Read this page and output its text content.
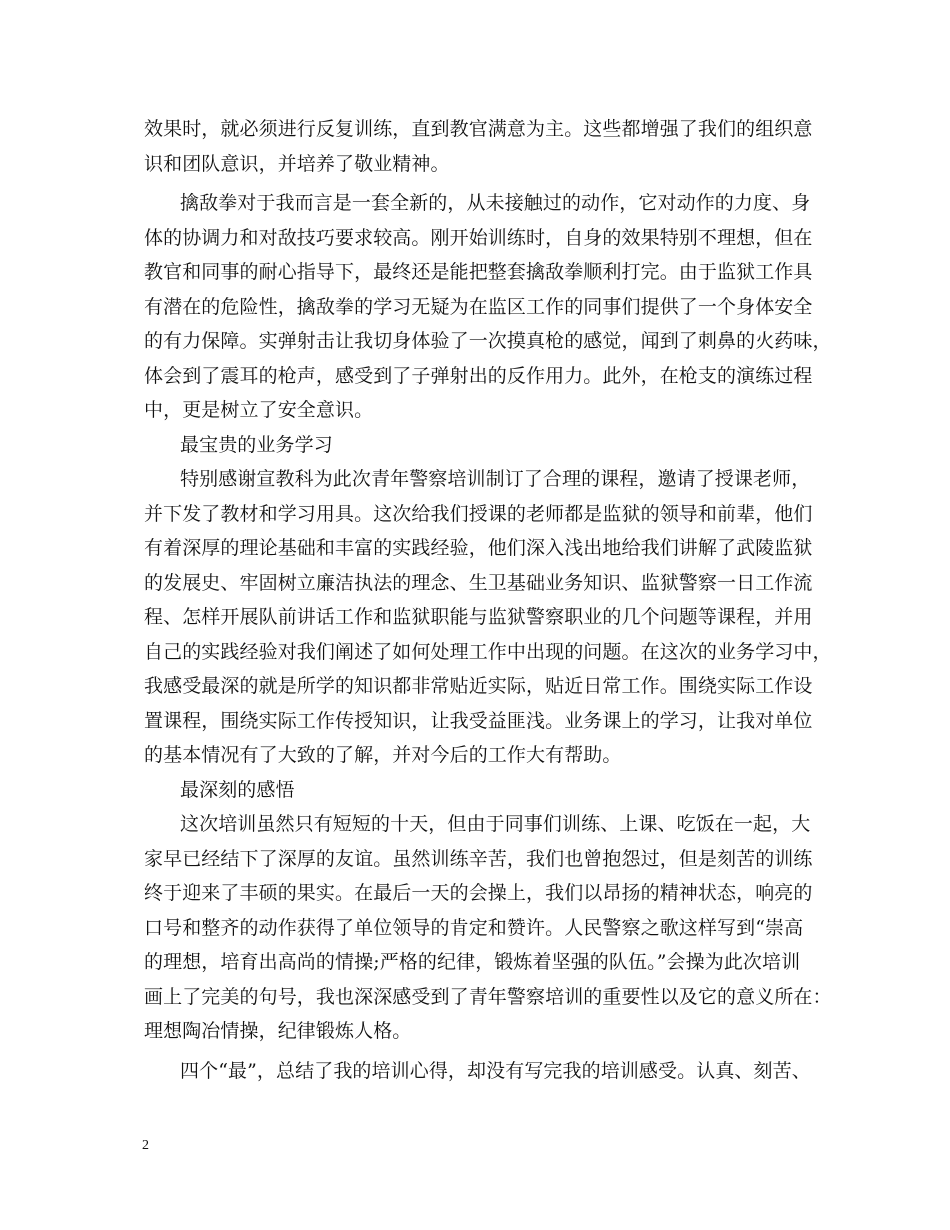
效果时，就必须进行反复训练，直到教官满意为主。这些都增强了我们的组织意
识和团队意识，并培养了敬业精神。
擒敌拳对于我而言是一套全新的，从未接触过的动作，它对动作的力度、身
体的协调力和对敌技巧要求较高。刚开始训练时，自身的效果特别不理想，但在
教官和同事的耐心指导下，最终还是能把整套擒敌拳顺利打完。由于监狱工作具
有潜在的危险性，擒敌拳的学习无疑为在监区工作的同事们提供了一个身体安全
的有力保障。实弹射击让我切身体验了一次摸真枪的感觉，闻到了刺鼻的火药味，
体会到了震耳的枪声，感受到了子弹射出的反作用力。此外，在枪支的演练过程
中，更是树立了安全意识。
最宝贵的业务学习
特别感谢宣教科为此次青年警察培训制订了合理的课程，邀请了授课老师，
并下发了教材和学习用具。这次给我们授课的老师都是监狱的领导和前辈，他们
有着深厚的理论基础和丰富的实践经验，他们深入浅出地给我们讲解了武陵监狱
的发展史、牢固树立廉洁执法的理念、生卫基础业务知识、监狱警察一日工作流
程、怎样开展队前讲话工作和监狱职能与监狱警察职业的几个问题等课程，并用
自己的实践经验对我们阐述了如何处理工作中出现的问题。在这次的业务学习中，
我感受最深的就是所学的知识都非常贴近实际，贴近日常工作。围绕实际工作设
置课程，围绕实际工作传授知识，让我受益匪浅。业务课上的学习，让我对单位
的基本情况有了大致的了解，并对今后的工作大有帮助。
最深刻的感悟
这次培训虽然只有短短的十天，但由于同事们训练、上课、吃饭在一起，大
家早已经结下了深厚的友谊。虽然训练辛苦，我们也曾抱怨过，但是刻苦的训练
终于迎来了丰硕的果实。在最后一天的会操上，我们以昂扬的精神状态，响亮的
口号和整齐的动作获得了单位领导的肯定和赞许。人民警察之歌这样写到“崇高
的理想，培育出高尚的情操;严格的纪律，锻炼着坚强的队伍。”会操为此次培训
画上了完美的句号，我也深深感受到了青年警察培训的重要性以及它的意义所在：
理想陶冶情操，纪律锻炼人格。
四个“最”，总结了我的培训心得，却没有写完我的培训感受。认真、刻苦、
2
